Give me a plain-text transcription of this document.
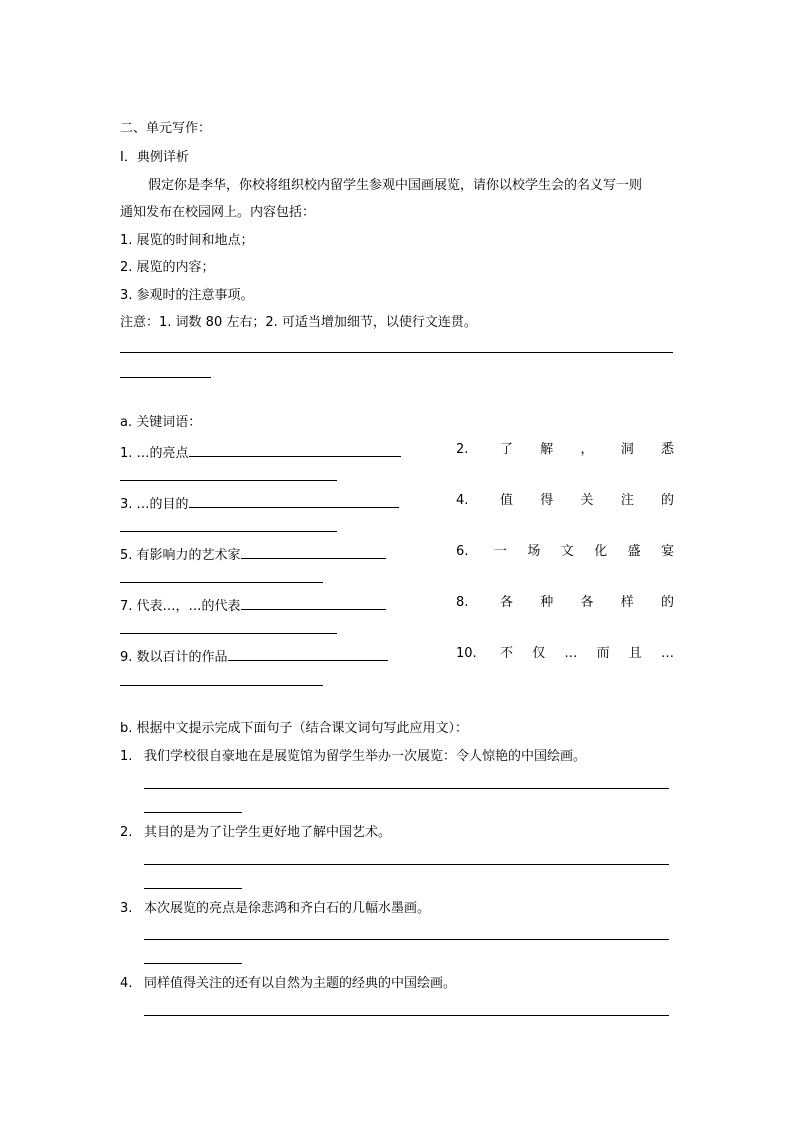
二、单元写作：
I．典例详析
假定你是李华，你校将组织校内留学生参观中国画展览，请你以校学生会的名义写一则
通知发布在校园网上。内容包括：
1. 展览的时间和地点；
2. 展览的内容；
3. 参观时的注意事项。
注意：1. 词数 80 左右；2. 可适当增加细节，以使行文连贯。
a. 关键词语：
1. …的亮点	2. 了 解 ， 洞 悉
3. …的目的	4. 值 得 关 注 的
5. 有影响力的艺术家	6. 一 场 文 化 盛 宴
7. 代表…，…的代表	8. 各 种 各 样 的
9. 数以百计的作品	10. 不 仅 … 而 且 …
b. 根据中文提示完成下面句子（结合课文词句写此应用文）：
1. 我们学校很自豪地在是展览馆为留学生举办一次展览：令人惊艳的中国绘画。
2. 其目的是为了让学生更好地了解中国艺术。
3. 本次展览的亮点是徐悲鸿和齐白石的几幅水墨画。
4. 同样值得关注的还有以自然为主题的经典的中国绘画。
